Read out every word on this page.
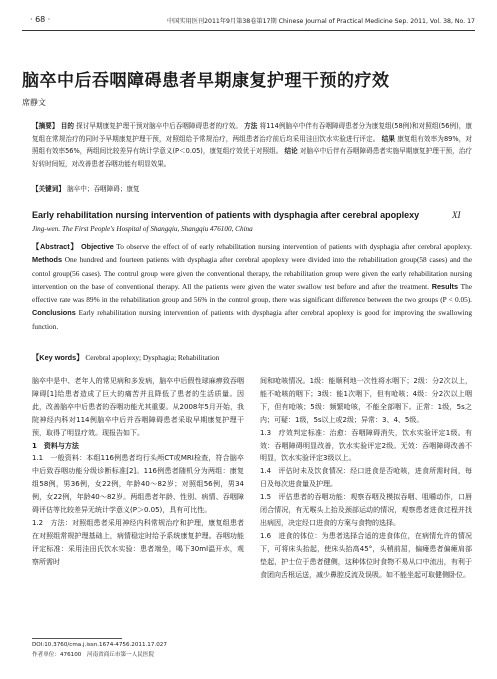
· 68 ·	中国实用医刊2011年9月第38卷第17期 Chinese Journal of Practical Medicine Sep. 2011, Vol. 38, No. 17
脑卒中后吞咽障碍患者早期康复护理干预的疗效
席静文
【摘要】 目的 探讨早期康复护理干预对脑卒中后吞咽障碍患者的疗效。 方法 将114例脑卒中伴有吞咽障碍患者分为康复组(58例)和对照组(56例)，康复组在常规治疗的同时予早期康复护理干预，对照组给予常规治疗，两组患者治疗前后均采用洼田饮水实验进行评定。 结果 康复组有效率为89%，对照组有效率56%，两组间比较差异有统计学意义(P＜0.05)，康复组疗效优于对照组。 结论 对脑卒中后伴有吞咽障碍患者实施早期康复护理干预，治疗好转时间短，对改善患者吞咽功能有明显效果。
【关键词】 脑卒中；吞咽障碍；康复
Early rehabilitation nursing intervention of patients with dysphagia after cerebral apoplexy	XI
Jing-wen. The First People's Hospital of Shangqiu, Shangqiu 476100, China
【Abstract】 Objective To observe the effect of of early rehabilitation nursing intervention of patients with dysphagia after cerebral apoplexy. Methods One hundred and fourteen patients with dysphagia after cerebral apoplexy were divided into the rehabilitation group(58 cases) and the contol group(56 cases). The contrul group were given the conventional therapy, the rehabilitation group were given the early rehabilitation nursing intervention on the base of conventional therapy. All the patients were given the water swallow test before and after the treatment. Results The effective rate was 89% in the rehabilitation group and 56% in the control group, there was significant difference between the two groups (P < 0.05). Conclusions Early rehabilitation nursing intervention of patients with dysphagia after cerebral apoplexy is good for improving the swallowing function.
【Key words】 Cerebral apoplexy; Dysphagia; Rehabilitation

脑卒中是中、老年人的常见病和多发病，脑卒中后假性球麻痹致吞咽障碍[1]给患者造成了巨大的痛苦并且降低了患者的生活质量。因此，改善脑卒中后患者的吞咽功能尤其重要。从2008年5月开始，我院神经内科对114例脑卒中后并吞咽障碍患者采取早期康复护理干预，取得了明显疗效。现报告如下。

1　资料与方法

1.1　一般资料：本组116例患者均行头颅CT或MRI检查，符合脑卒中后致吞咽功能分级诊断标准[2]。116例患者随机分为两组：康复组58例，男36例，女22例，年龄40～82岁；对照组56例，男34例，女22例，年龄40～82岁。两组患者年龄、性别、病情、吞咽障碍评估等比较差异无统计学意义(P＞0.05)，具有可比性。

1.2　方法：对照组患者采用神经内科常规治疗和护理，康复组患者在对照组常规护理基础上，病情稳定时给予系统康复护理。吞咽功能评定标准：采用洼田氏饮水实验：患者端坐，喝下30ml温开水，观察所需时

间和呛咳情况。1级：能顺利地一次性将水咽下；2级：分2次以上，能不呛咳的咽下；3级：能1次咽下，但有呛咳；4级：分2次以上咽下，但有呛咳；5级：频繁呛咳，不能全部咽下。正常：1级，5s之内；可疑：1级，5s以上或2级；异常：3、4、5级。

1.3　疗效判定标准：治愈：吞咽障碍消失，饮水实验评定1级。有效：吞咽障碍明显改善，饮水实验评定2级。无效：吞咽障碍改善不明显，饮水实验评定3级以上。

1.4　评估时未及饮食情况：经口进食是否呛咳，进食所需时间，每日及每次进食量及护理。

1.5　评估患者的吞咽功能：观察吞咽及模拟吞咽、咀嚼动作，口唇闭合情况，有无喉头上抬及颈部运动的情况，观察患者进食过程并找出病因，决定经口进食的方案与食物的选择。

1.6　进食的体位：为患者选择合适的进食体位，在病情允许的情况下，可将床头抬起，使床头抬高45°，头稍前屈，偏瘫患者偏瘫肩部垫起，护士位于患者健侧，这种体位时食物不易从口中流出，有利于食团向舌根运送，减少鼻腔反流及误吸。如不能坐起可取健侧卧位。

DOI:10.3760/cma.j.issn.1674-4756.2011.17.027
作者单位：476100　河南省商丘市第一人民医院
